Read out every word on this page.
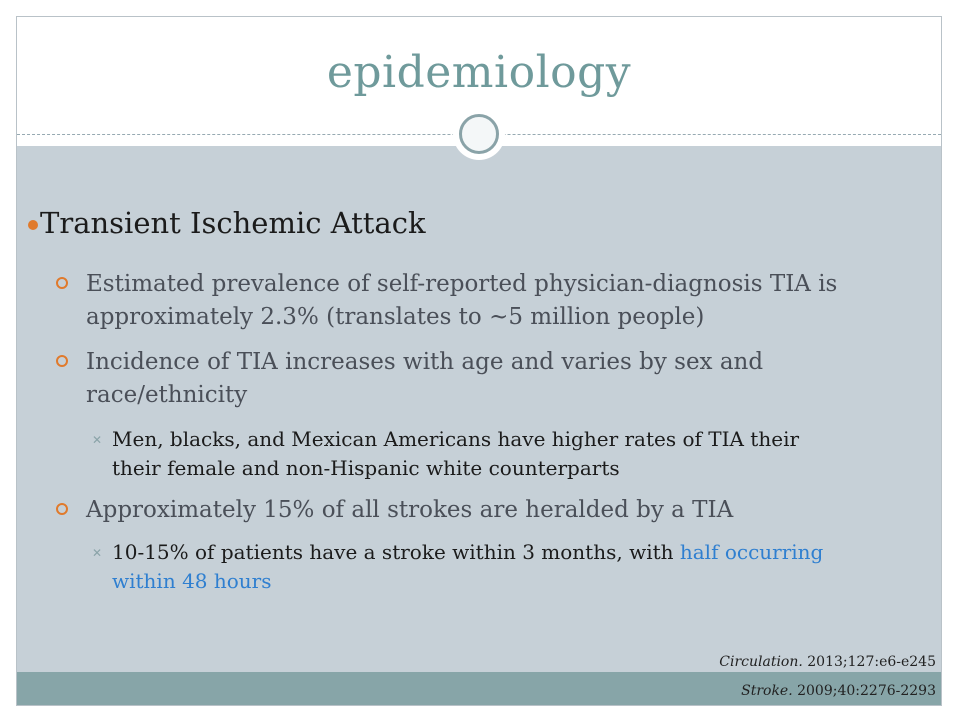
epidemiology
Transient Ischemic Attack
Estimated prevalence of self-reported physician-diagnosis TIA is approximately 2.3% (translates to ~5 million people)
Incidence of TIA increases with age and varies by sex and race/ethnicity
✕ Men, blacks, and Mexican Americans have higher rates of TIA their their female and non-Hispanic white counterparts
Approximately 15% of all strokes are heralded by a TIA
✕ 10-15% of patients have a stroke within 3 months, with half occurring within 48 hours
Circulation. 2013;127:e6-e245
Stroke. 2009;40:2276-2293
